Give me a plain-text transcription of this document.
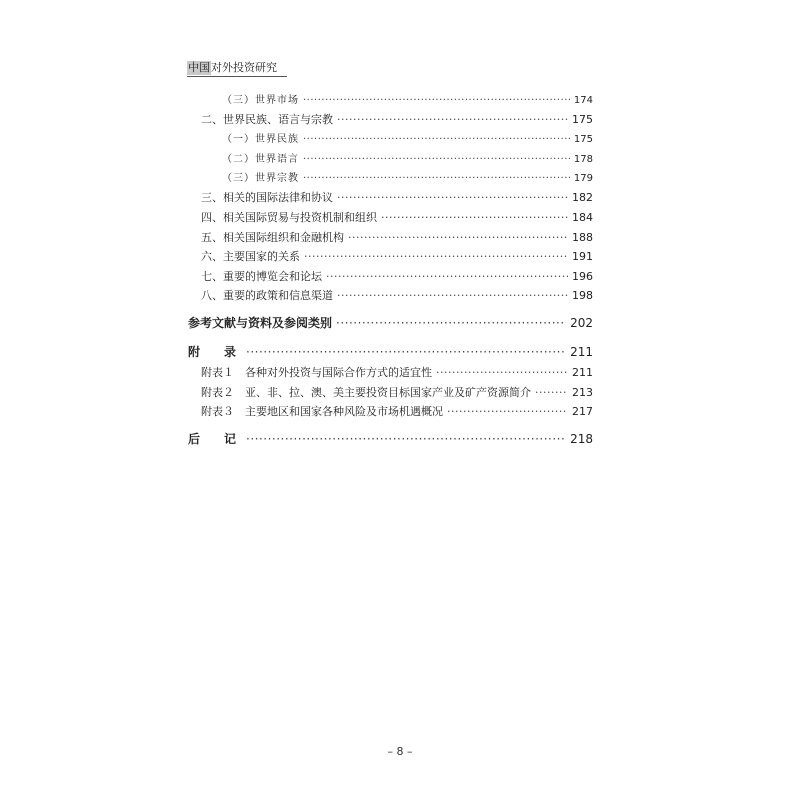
中国对外投资研究
（三）世界市场 ·····	174
二、世界民族、语言与宗教 ·····	175
（一）世界民族 ·····	175
（二）世界语言 ·····	178
（三）世界宗教 ·····	179
三、相关的国际法律和协议 ·····	182
四、相关国际贸易与投资机制和组织 ·····	184
五、相关国际组织和金融机构 ·····	188
六、主要国家的关系 ·····	191
七、重要的博览会和论坛 ·····	196
八、重要的政策和信息渠道 ·····	198
参考文献与资料及参阅类别 ·····	202
附　录 ·····	211
附表１　各种对外投资与国际合作方式的适宜性 ·····	211
附表２　亚、非、拉、澳、美主要投资目标国家产业及矿产资源简介 ·····	213
附表３　主要地区和国家各种风险及市场机遇概况 ·····	217
后　记 ·····	218
– 8 –
